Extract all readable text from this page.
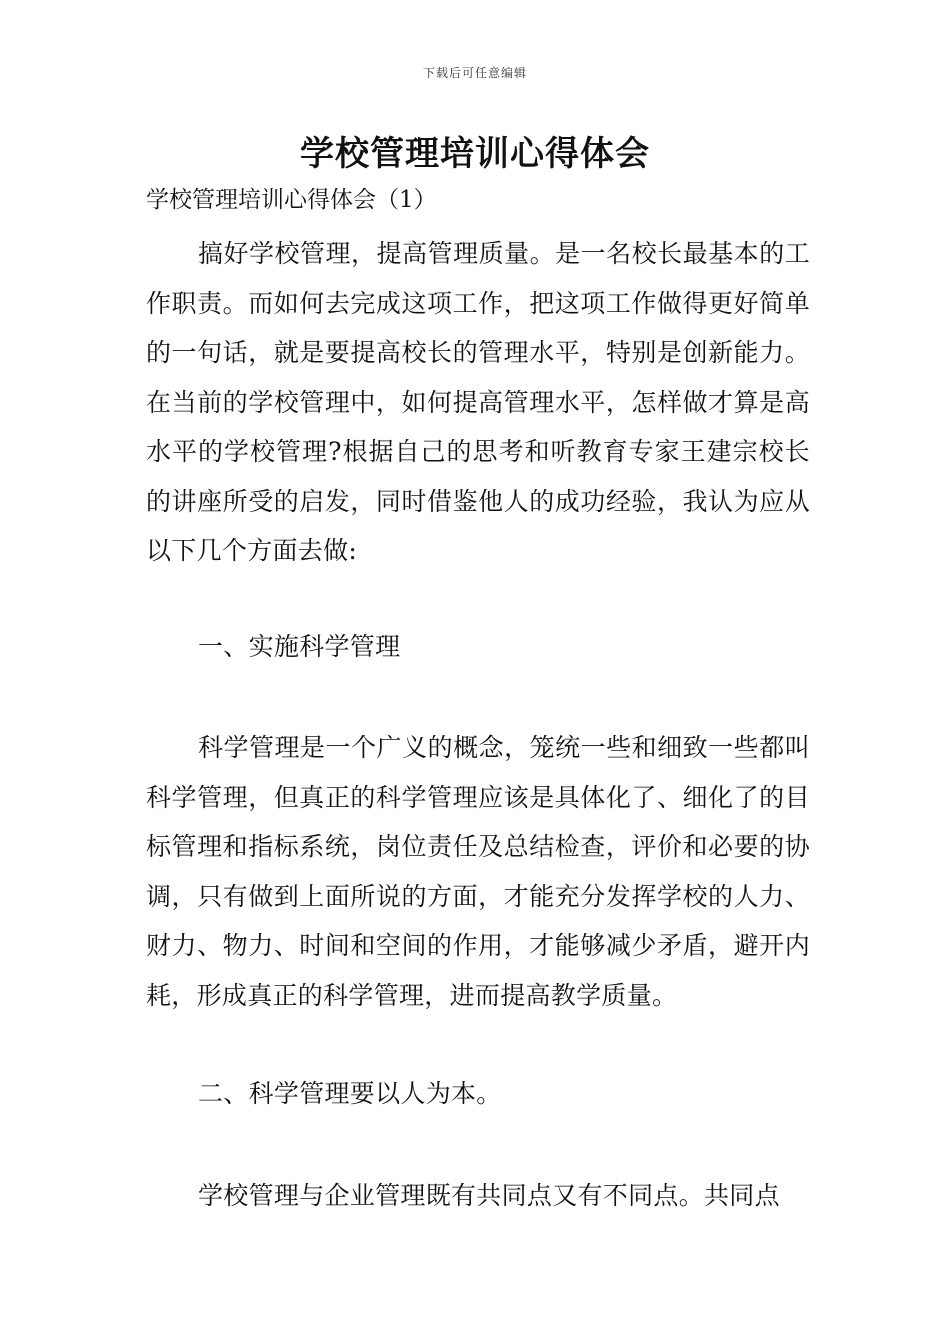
下载后可任意编辑
学校管理培训心得体会

学校管理培训心得体会（1）

搞好学校管理，提高管理质量。是一名校长最基本的工作职责。而如何去完成这项工作，把这项工作做得更好简单的一句话，就是要提高校长的管理水平，特别是创新能力。在当前的学校管理中，如何提高管理水平，怎样做才算是高水平的学校管理?根据自己的思考和听教育专家王建宗校长的讲座所受的启发，同时借鉴他人的成功经验，我认为应从以下几个方面去做:

一、实施科学管理

科学管理是一个广义的概念，笼统一些和细致一些都叫科学管理，但真正的科学管理应该是具体化了、细化了的目标管理和指标系统，岗位责任及总结检查，评价和必要的协调，只有做到上面所说的方面，才能充分发挥学校的人力、财力、物力、时间和空间的作用，才能够减少矛盾，避开内耗，形成真正的科学管理，进而提高教学质量。

二、科学管理要以人为本。

学校管理与企业管理既有共同点又有不同点。共同点
